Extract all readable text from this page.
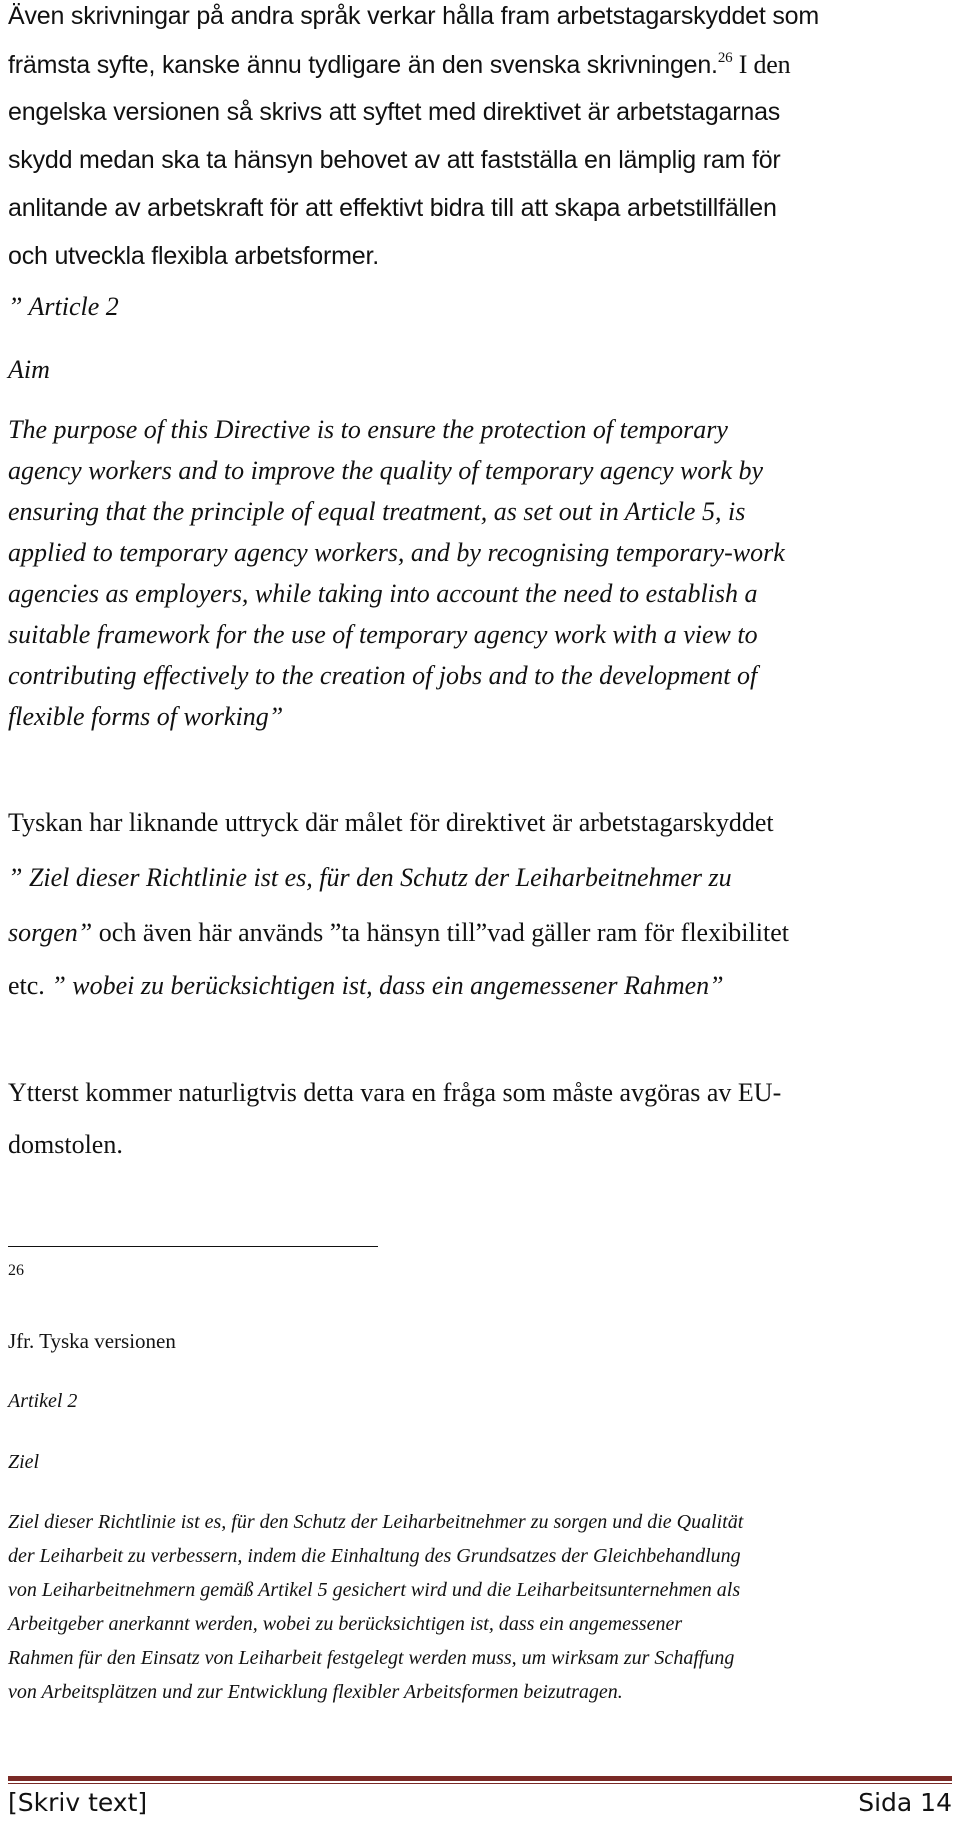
Även skrivningar på andra språk verkar hålla fram arbetstagarskyddet som
främsta syfte, kanske ännu tydligare än den svenska skrivningen.$^{26}$ I den
engelska versionen så skrivs att syftet med direktivet är arbetstagarnas
skydd medan ska ta hänsyn behovet av att fastställa en lämplig ram för
anlitande av arbetskraft för att effektivt bidra till att skapa arbetstillfällen
och utveckla flexibla arbetsformer.
” Article 2
Aim
The purpose of this Directive is to ensure the protection of temporary
agency workers and to improve the quality of temporary agency work by
ensuring that the principle of equal treatment, as set out in Article 5, is
applied to temporary agency workers, and by recognising temporary-work
agencies as employers, while taking into account the need to establish a
suitable framework for the use of temporary agency work with a view to
contributing effectively to the creation of jobs and to the development of
flexible forms of working”
Tyskan har liknande uttryck där målet för direktivet är arbetstagarskyddet
” Ziel dieser Richtlinie ist es, für den Schutz der Leiharbeitnehmer zu
sorgen” och även här används ”ta hänsyn till”vad gäller ram för flexibilitet
etc. ” wobei zu berücksichtigen ist, dass ein angemessener Rahmen”
Ytterst kommer naturligtvis detta vara en fråga som måste avgöras av EU-
domstolen.
26
Jfr. Tyska versionen
Artikel 2
Ziel
Ziel dieser Richtlinie ist es, für den Schutz der Leiharbeitnehmer zu sorgen und die Qualität
der Leiharbeit zu verbessern, indem die Einhaltung des Grundsatzes der Gleichbehandlung
von Leiharbeitnehmern gemäß Artikel 5 gesichert wird und die Leiharbeitsunternehmen als
Arbeitgeber anerkannt werden, wobei zu berücksichtigen ist, dass ein angemessener
Rahmen für den Einsatz von Leiharbeit festgelegt werden muss, um wirksam zur Schaffung
von Arbeitsplätzen und zur Entwicklung flexibler Arbeitsformen beizutragen.
[Skriv text]	Sida 14
